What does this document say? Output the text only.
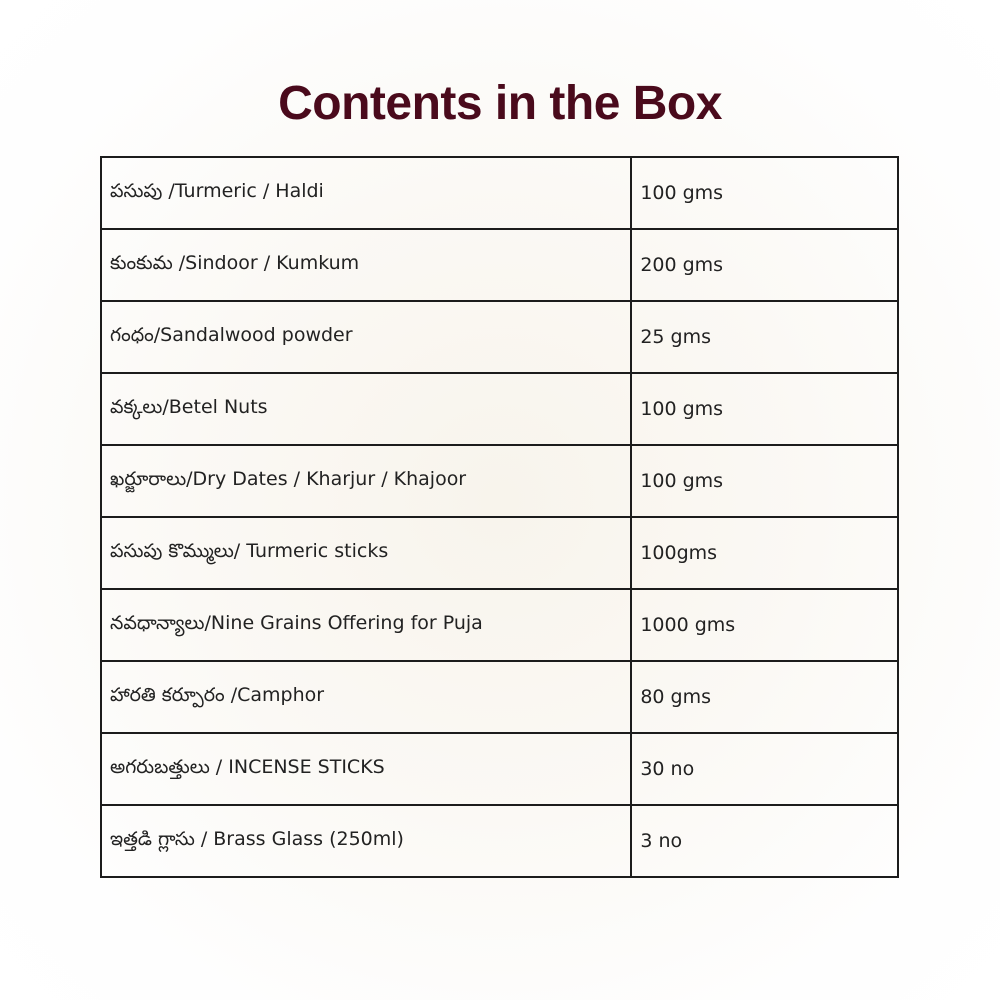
Contents in the Box
పసుపు /Turmeric / Haldi	100 gms
కుంకుమ /Sindoor / Kumkum	200 gms
గంధం/Sandalwood powder	25 gms
వక్కలు/Betel Nuts	100 gms
ఖర్జూరాలు/Dry Dates / Kharjur / Khajoor	100 gms
పసుపు కొమ్ములు/ Turmeric sticks	100gms
నవధాన్యాలు/Nine Grains Offering for Puja	1000 gms
హారతి కర్పూరం /Camphor	80 gms
అగరుబత్తులు / INCENSE STICKS	30 no
ఇత్తడి గ్లాసు / Brass Glass (250ml)	3 no
